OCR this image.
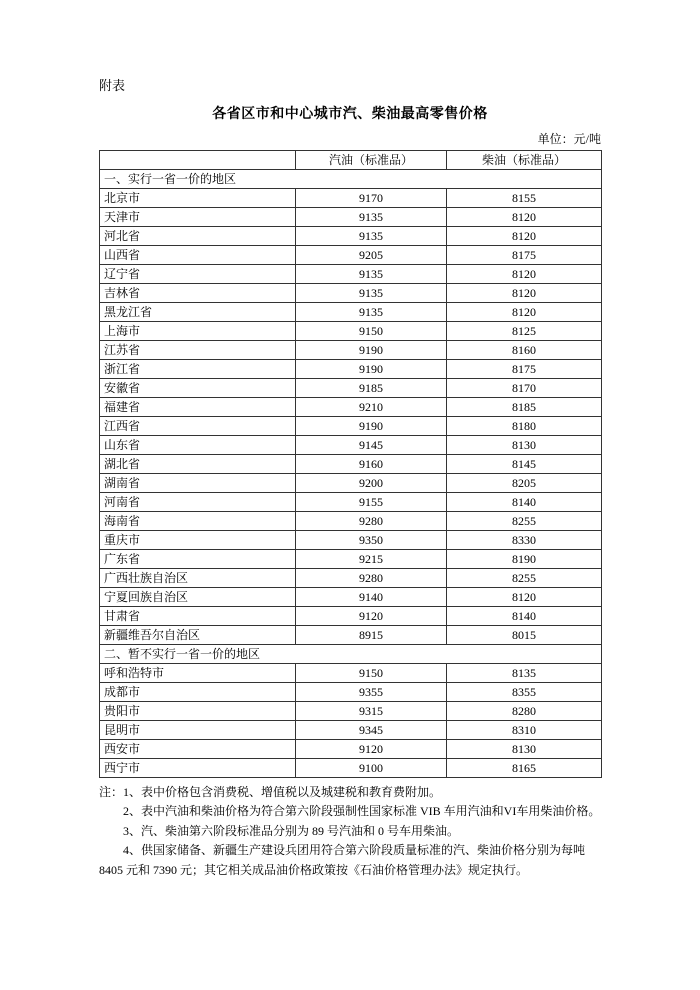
附表
各省区市和中心城市汽、柴油最高零售价格
单位：元/吨
	汽油（标准品）	柴油（标准品）
一、实行一省一价的地区		
北京市	9170	8155
天津市	9135	8120
河北省	9135	8120
山西省	9205	8175
辽宁省	9135	8120
吉林省	9135	8120
黑龙江省	9135	8120
上海市	9150	8125
江苏省	9190	8160
浙江省	9190	8175
安徽省	9185	8170
福建省	9210	8185
江西省	9190	8180
山东省	9145	8130
湖北省	9160	8145
湖南省	9200	8205
河南省	9155	8140
海南省	9280	8255
重庆市	9350	8330
广东省	9215	8190
广西壮族自治区	9280	8255
宁夏回族自治区	9140	8120
甘肃省	9120	8140
新疆维吾尔自治区	8915	8015
二、暂不实行一省一价的地区		
呼和浩特市	9150	8135
成都市	9355	8355
贵阳市	9315	8280
昆明市	9345	8310
西安市	9120	8130
西宁市	9100	8165

注：1、表中价格包含消费税、增值税以及城建税和教育费附加。

2、表中汽油和柴油价格为符合第六阶段强制性国家标准 VIB 车用汽油和VI车用柴油价格。

3、汽、柴油第六阶段标准品分别为 89 号汽油和 0 号车用柴油。

4、供国家储备、新疆生产建设兵团用符合第六阶段质量标准的汽、柴油价格分别为每吨 8405 元和 7390 元；其它相关成品油价格政策按《石油价格管理办法》规定执行。
